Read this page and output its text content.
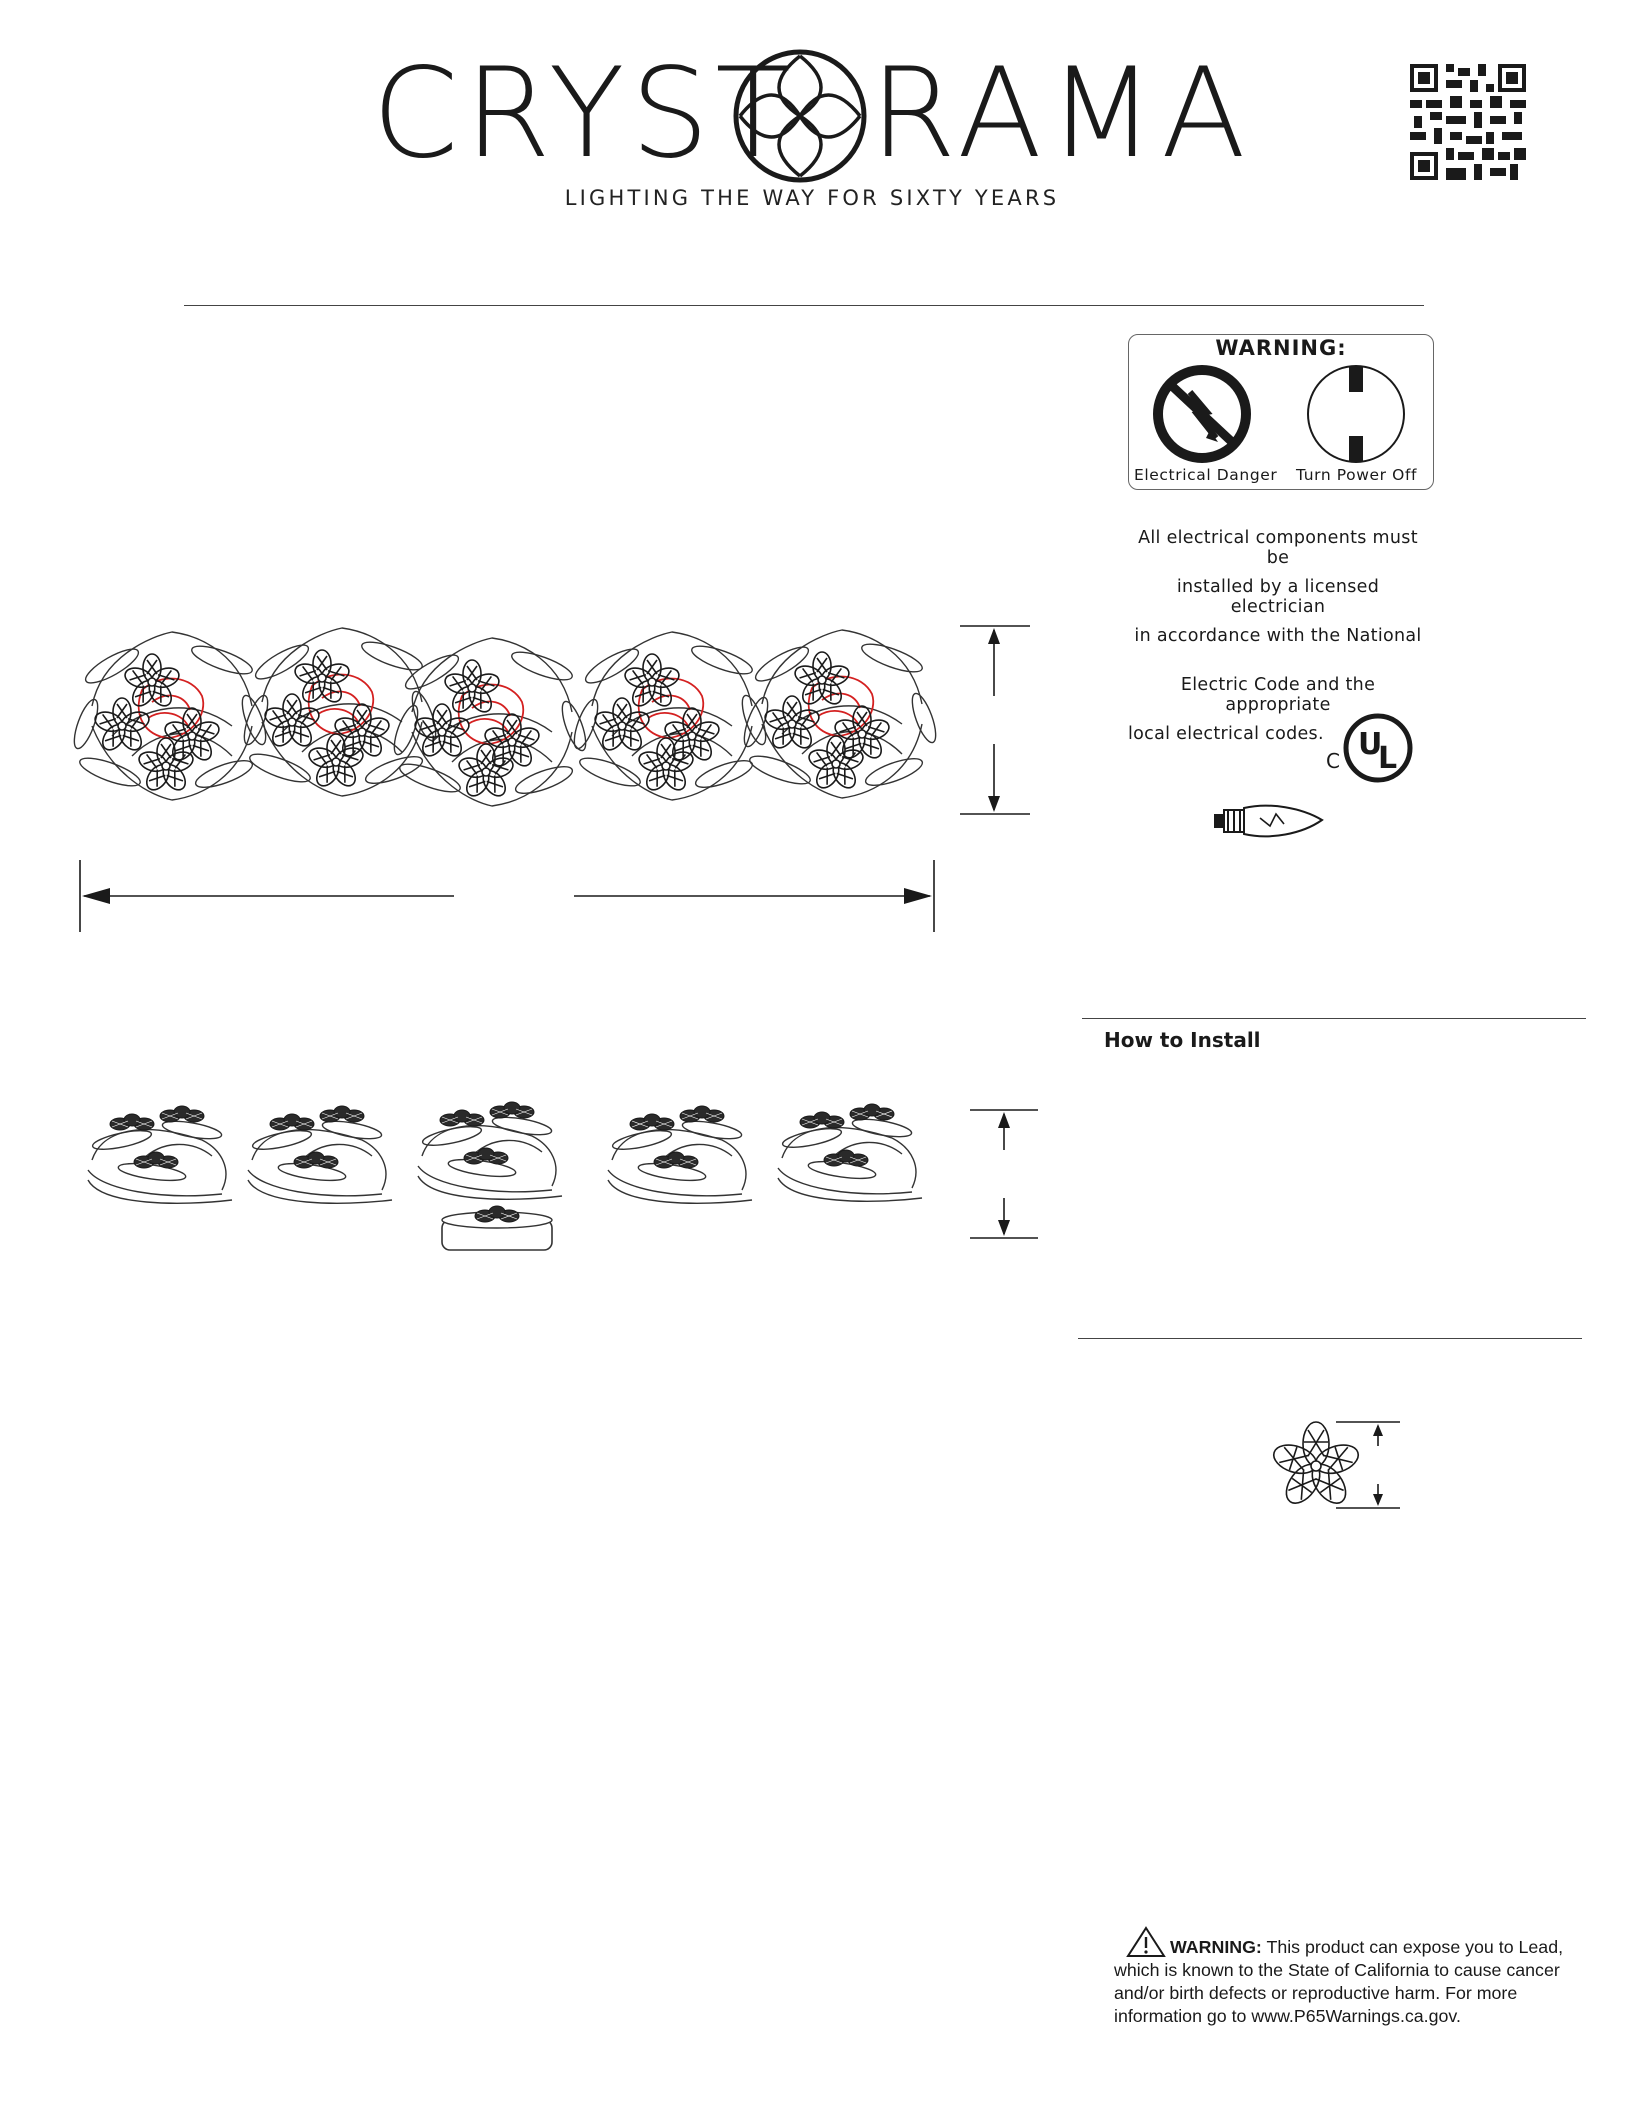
CRYST RAMA
LIGHTING THE WAY FOR SIXTY YEARS
WARNING:
Electrical Danger Turn Power Off
All electrical components must be
installed by a licensed electrician
in accordance with the National
Electric Code and the appropriate
local electrical codes.
C U
L
How to Install
WARNING: This product can expose you to Lead, which is known to the State of California to cause cancer and/or birth defects or reproductive harm. For more information go to www.P65Warnings.ca.gov.
